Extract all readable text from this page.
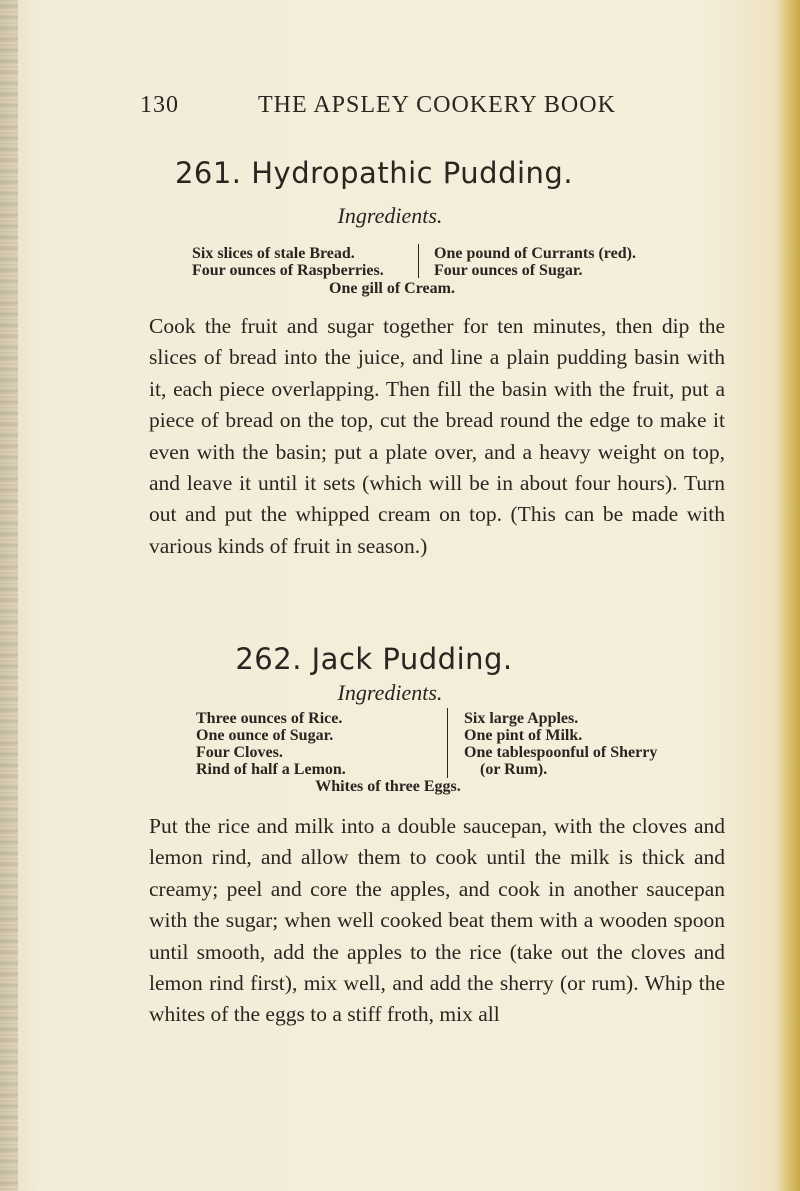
130	THE APSLEY COOKERY BOOK
261. Hydropathic Pudding.
Ingredients.
Six slices of stale Bread.
Four ounces of Raspberries.
One pound of Currants (red).
Four ounces of Sugar.
One gill of Cream.
Cook the fruit and sugar together for ten minutes, then dip the slices of bread into the juice, and line a plain pudding basin with it, each piece overlapping. Then fill the basin with the fruit, put a piece of bread on the top, cut the bread round the edge to make it even with the basin; put a plate over, and a heavy weight on top, and leave it until it sets (which will be in about four hours). Turn out and put the whipped cream on top. (This can be made with various kinds of fruit in season.)
262. Jack Pudding.
Ingredients.
Three ounces of Rice.
One ounce of Sugar.
Four Cloves.
Rind of half a Lemon.
Six large Apples.
One pint of Milk.
One tablespoonful of Sherry
(or Rum).
Whites of three Eggs.
Put the rice and milk into a double saucepan, with the cloves and lemon rind, and allow them to cook until the milk is thick and creamy; peel and core the apples, and cook in another saucepan with the sugar; when well cooked beat them with a wooden spoon until smooth, add the apples to the rice (take out the cloves and lemon rind first), mix well, and add the sherry (or rum). Whip the whites of the eggs to a stiff froth, mix all
